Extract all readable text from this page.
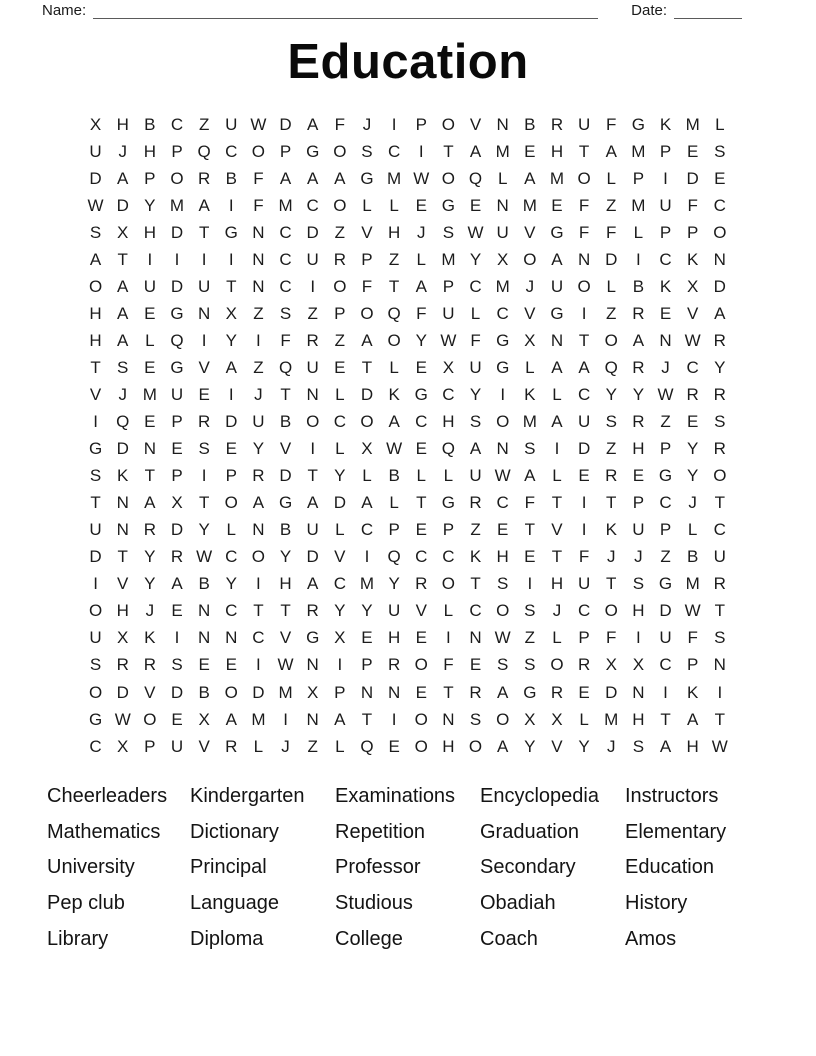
Name:	Date:
Education
X H B C Z U W D A F	J	I	P O V N B R U F G K M L
U J H P Q C O P G O S C	I	T A M E H T A M P E S
D A P O R B F A A A G M W O Q L A M O L P	I	D E
W D Y M A	I	F M C O L	L E G E N M E F Z M U F C
S X H D T G N C D Z V H J	S W U V G F F	L P P O
A T	I	I	I	I	N C U R P Z	L M Y X O A N D	I	C K N
O A U D U T N C	I	O F T A P C M J U O L B K X D
H A E G N X Z S Z P O Q F U L C V G	I	Z R E V A
H A L Q	I	Y	I	F R Z A O Y W F G X N T O A N W R
T S E G V A Z Q U E T	L E X U G L A A Q R J C Y
V	J M U E	I	J	T N L D K G C Y	I	K L C Y Y W R R
I	Q E P R D U B O C O A C H S O M A U S R Z E S
G D N E S E Y V	I	L X W E Q A N S	I	D Z H P Y R
S K T P	I	P R D T Y L B L	L U W A L E R E G Y O
T N A X T O A G A D A L	T G R C F T	I	T P C J	T
U N R D Y L N B U L C P E P Z E T V	I	K U P L C
D T Y R W C O Y D V	I	Q C C K H E T F	J	J	Z B U
I	V Y A B Y	I	H A C M Y R O T S	I	H U T S G M R
O H J	E N C T T R Y Y U V L C O S	J C O H D W T
U X K	I	N N C V G X E H E	I	N W Z	L P F	I	U F S
S R R S E E	I W N	I	P R O F E S S O R X X C P N
O D V D B O D M X P N N E T R A G R E D N	I	K	I
G W O E X A M	I	N A T	I	O N S O X X L M H T A T
C X P U V R L	J	Z	L Q E O H O A Y V Y	J	S A H W
Cheerleaders	Kindergarten	Examinations	Encyclopedia	Instructors
Mathematics	Dictionary	Repetition	Graduation	Elementary
University	Principal	Professor	Secondary	Education
Pep club	Language	Studious	Obadiah	History
Library	Diploma	College	Coach	Amos
